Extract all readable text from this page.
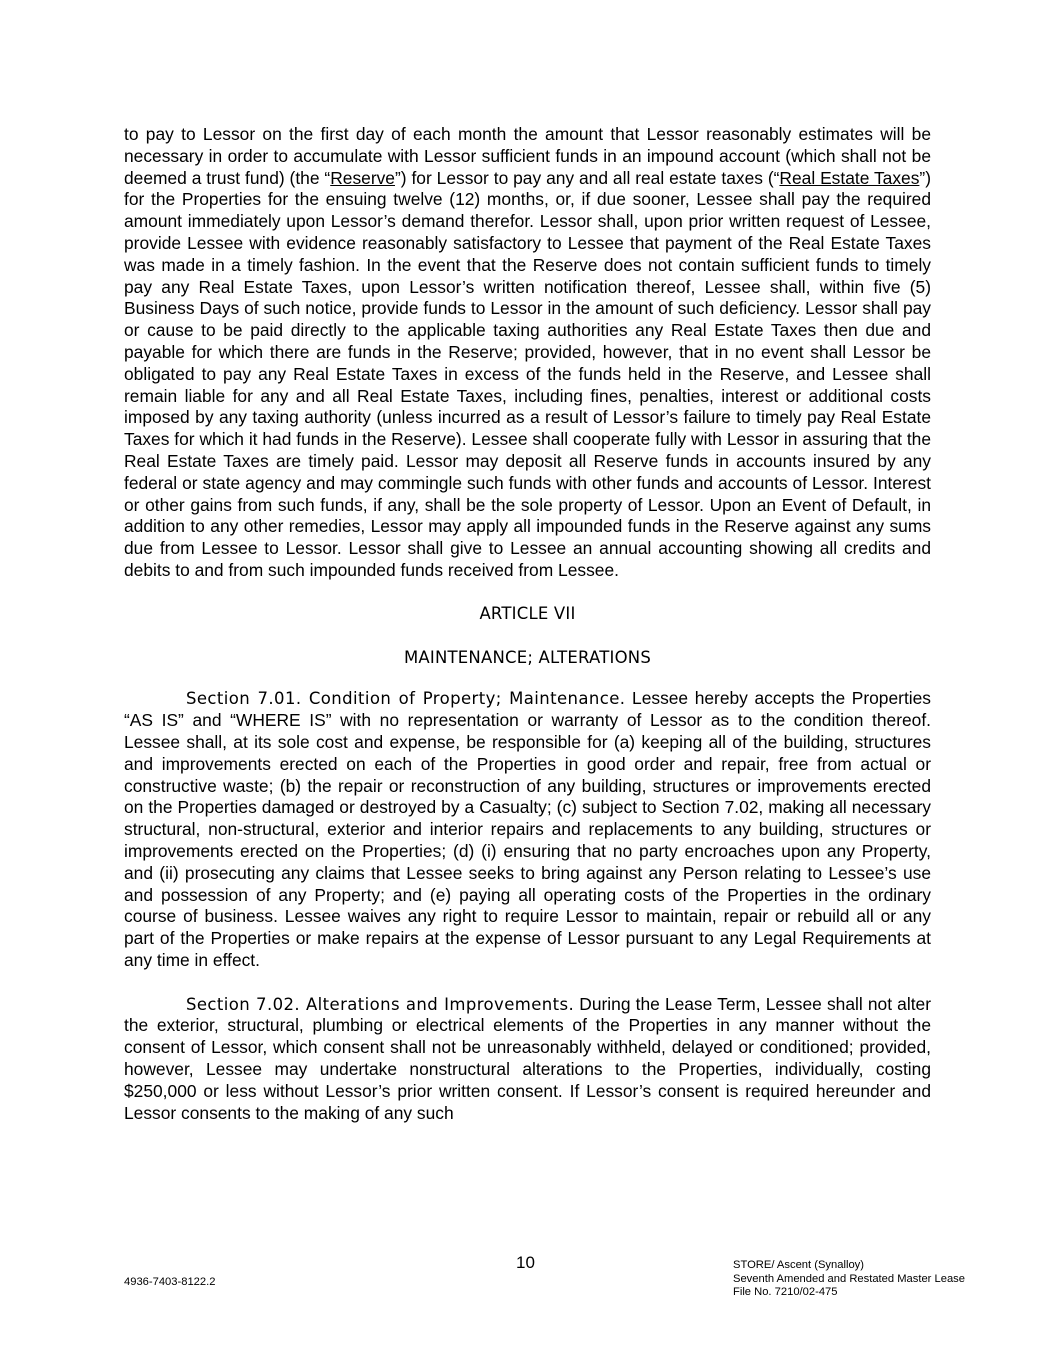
to pay to Lessor on the first day of each month the amount that Lessor reasonably estimates will be necessary in order to accumulate with Lessor sufficient funds in an impound account (which shall not be deemed a trust fund) (the “Reserve”) for Lessor to pay any and all real estate taxes (“Real Estate Taxes”) for the Properties for the ensuing twelve (12) months, or, if due sooner, Lessee shall pay the required amount immediately upon Lessor’s demand therefor. Lessor shall, upon prior written request of Lessee, provide Lessee with evidence reasonably satisfactory to Lessee that payment of the Real Estate Taxes was made in a timely fashion. In the event that the Reserve does not contain sufficient funds to timely pay any Real Estate Taxes, upon Lessor’s written notification thereof, Lessee shall, within five (5) Business Days of such notice, provide funds to Lessor in the amount of such deficiency. Lessor shall pay or cause to be paid directly to the applicable taxing authorities any Real Estate Taxes then due and payable for which there are funds in the Reserve; provided, however, that in no event shall Lessor be obligated to pay any Real Estate Taxes in excess of the funds held in the Reserve, and Lessee shall remain liable for any and all Real Estate Taxes, including fines, penalties, interest or additional costs imposed by any taxing authority (unless incurred as a result of Lessor’s failure to timely pay Real Estate Taxes for which it had funds in the Reserve). Lessee shall cooperate fully with Lessor in assuring that the Real Estate Taxes are timely paid. Lessor may deposit all Reserve funds in accounts insured by any federal or state agency and may commingle such funds with other funds and accounts of Lessor. Interest or other gains from such funds, if any, shall be the sole property of Lessor. Upon an Event of Default, in addition to any other remedies, Lessor may apply all impounded funds in the Reserve against any sums due from Lessee to Lessor. Lessor shall give to Lessee an annual accounting showing all credits and debits to and from such impounded funds received from Lessee.

ARTICLE VII

MAINTENANCE; ALTERATIONS

Section 7.01. Condition of Property; Maintenance. Lessee hereby accepts the Properties “AS IS” and “WHERE IS” with no representation or warranty of Lessor as to the condition thereof. Lessee shall, at its sole cost and expense, be responsible for (a) keeping all of the building, structures and improvements erected on each of the Properties in good order and repair, free from actual or constructive waste; (b) the repair or reconstruction of any building, structures or improvements erected on the Properties damaged or destroyed by a Casualty; (c) subject to Section 7.02, making all necessary structural, non-structural, exterior and interior repairs and replacements to any building, structures or improvements erected on the Properties; (d) (i) ensuring that no party encroaches upon any Property, and (ii) prosecuting any claims that Lessee seeks to bring against any Person relating to Lessee’s use and possession of any Property; and (e) paying all operating costs of the Properties in the ordinary course of business. Lessee waives any right to require Lessor to maintain, repair or rebuild all or any part of the Properties or make repairs at the expense of Lessor pursuant to any Legal Requirements at any time in effect.

Section 7.02. Alterations and Improvements. During the Lease Term, Lessee shall not alter the exterior, structural, plumbing or electrical elements of the Properties in any manner without the consent of Lessor, which consent shall not be unreasonably withheld, delayed or conditioned; provided, however, Lessee may undertake nonstructural alterations to the Properties, individually, costing $250,000 or less without Lessor’s prior written consent. If Lessor’s consent is required hereunder and Lessor consents to the making of any such

10
4936-7403-8122.2
STORE/ Ascent (Synalloy)
Seventh Amended and Restated Master Lease
File No. 7210/02-475
